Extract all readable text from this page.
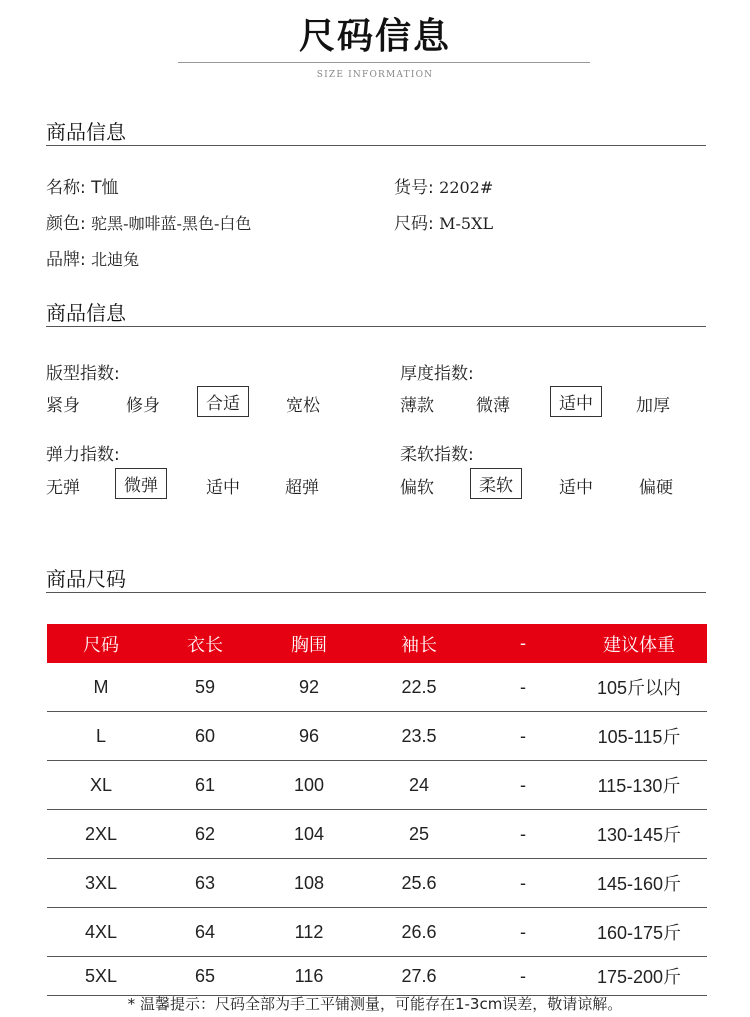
尺码信息
SIZE INFORMATION
商品信息
名称: T恤	货号: 2202#
颜色: 驼黑-咖啡蓝-黑色-白色	尺码: M-5XL
品牌: 北迪兔
商品信息
版型指数:
紧身	修身	合适	宽松
厚度指数:
薄款 微薄	适中	加厚
弹力指数:
无弹	微弹	适中	超弹
柔软指数:
偏软	柔软	适中	偏硬
商品尺码
尺码	衣长	胸围	袖长	-	建议体重
M	59	92	22.5	-	105斤以内
L	60	96	23.5	-	105-115斤
XL	61	100	24	-	115-130斤
2XL	62	104	25	-	130-145斤
3XL	63	108	25.6	-	145-160斤
4XL	64	112	26.6	-	160-175斤
5XL	65	116	27.6	-	175-200斤
* 温馨提示：尺码全部为手工平铺测量，可能存在1-3cm误差，敬请谅解。
